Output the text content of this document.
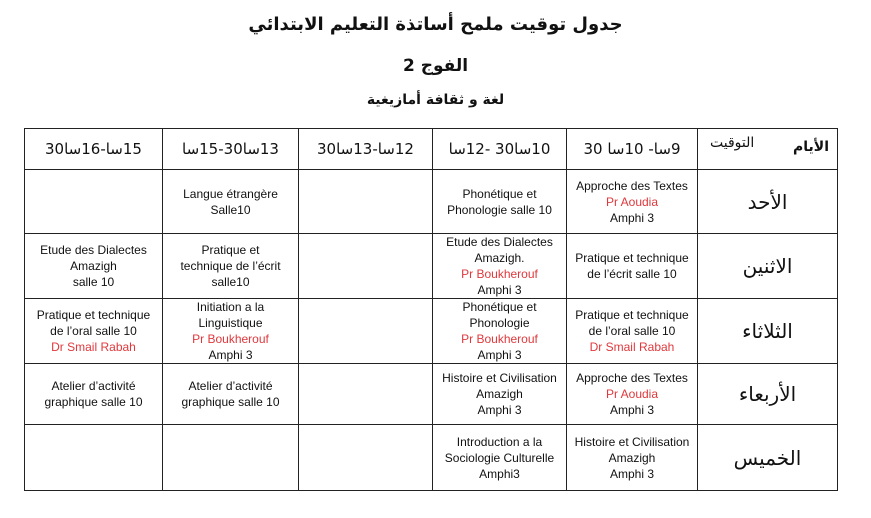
جدول توقيت ملمح أساتذة التعليم الابتدائي
الفوج 2
لغة و ثقافة أمازيغية
الأيام
التوقيت	9سا- 10سا 30	10سا30 -12سا	12سا-13سا30	13سا30-15سا	15سا-16سا30
الأحد	Approche des Textes
Pr Aoudia
Amphi 3	Phonétique et
Phonologie salle 10		Langue étrangère
Salle10	

الاثنين	Pratique et technique
de l’écrit salle 10	Etude des Dialectes
Amazigh.
Pr Boukherouf
Amphi 3		Pratique et
technique de l’écrit
salle10	Etude des Dialectes
Amazigh
salle 10

الثلاثاء	Pratique et technique
de l’oral salle 10
Dr Smail Rabah	Phonétique et
Phonologie
Pr Boukherouf
Amphi 3		Initiation a la
Linguistique
Pr Boukherouf
Amphi 3	Pratique et technique
de l’oral salle 10
Dr Smail Rabah

الأربعاء	Approche des Textes
Pr Aoudia
Amphi 3	Histoire et Civilisation
Amazigh
Amphi 3		Atelier d’activité
graphique salle 10	Atelier d’activité
graphique salle 10

الخميس	Histoire et Civilisation
Amazigh
Amphi 3	Introduction a la
Sociologie Culturelle
Amphi3			
